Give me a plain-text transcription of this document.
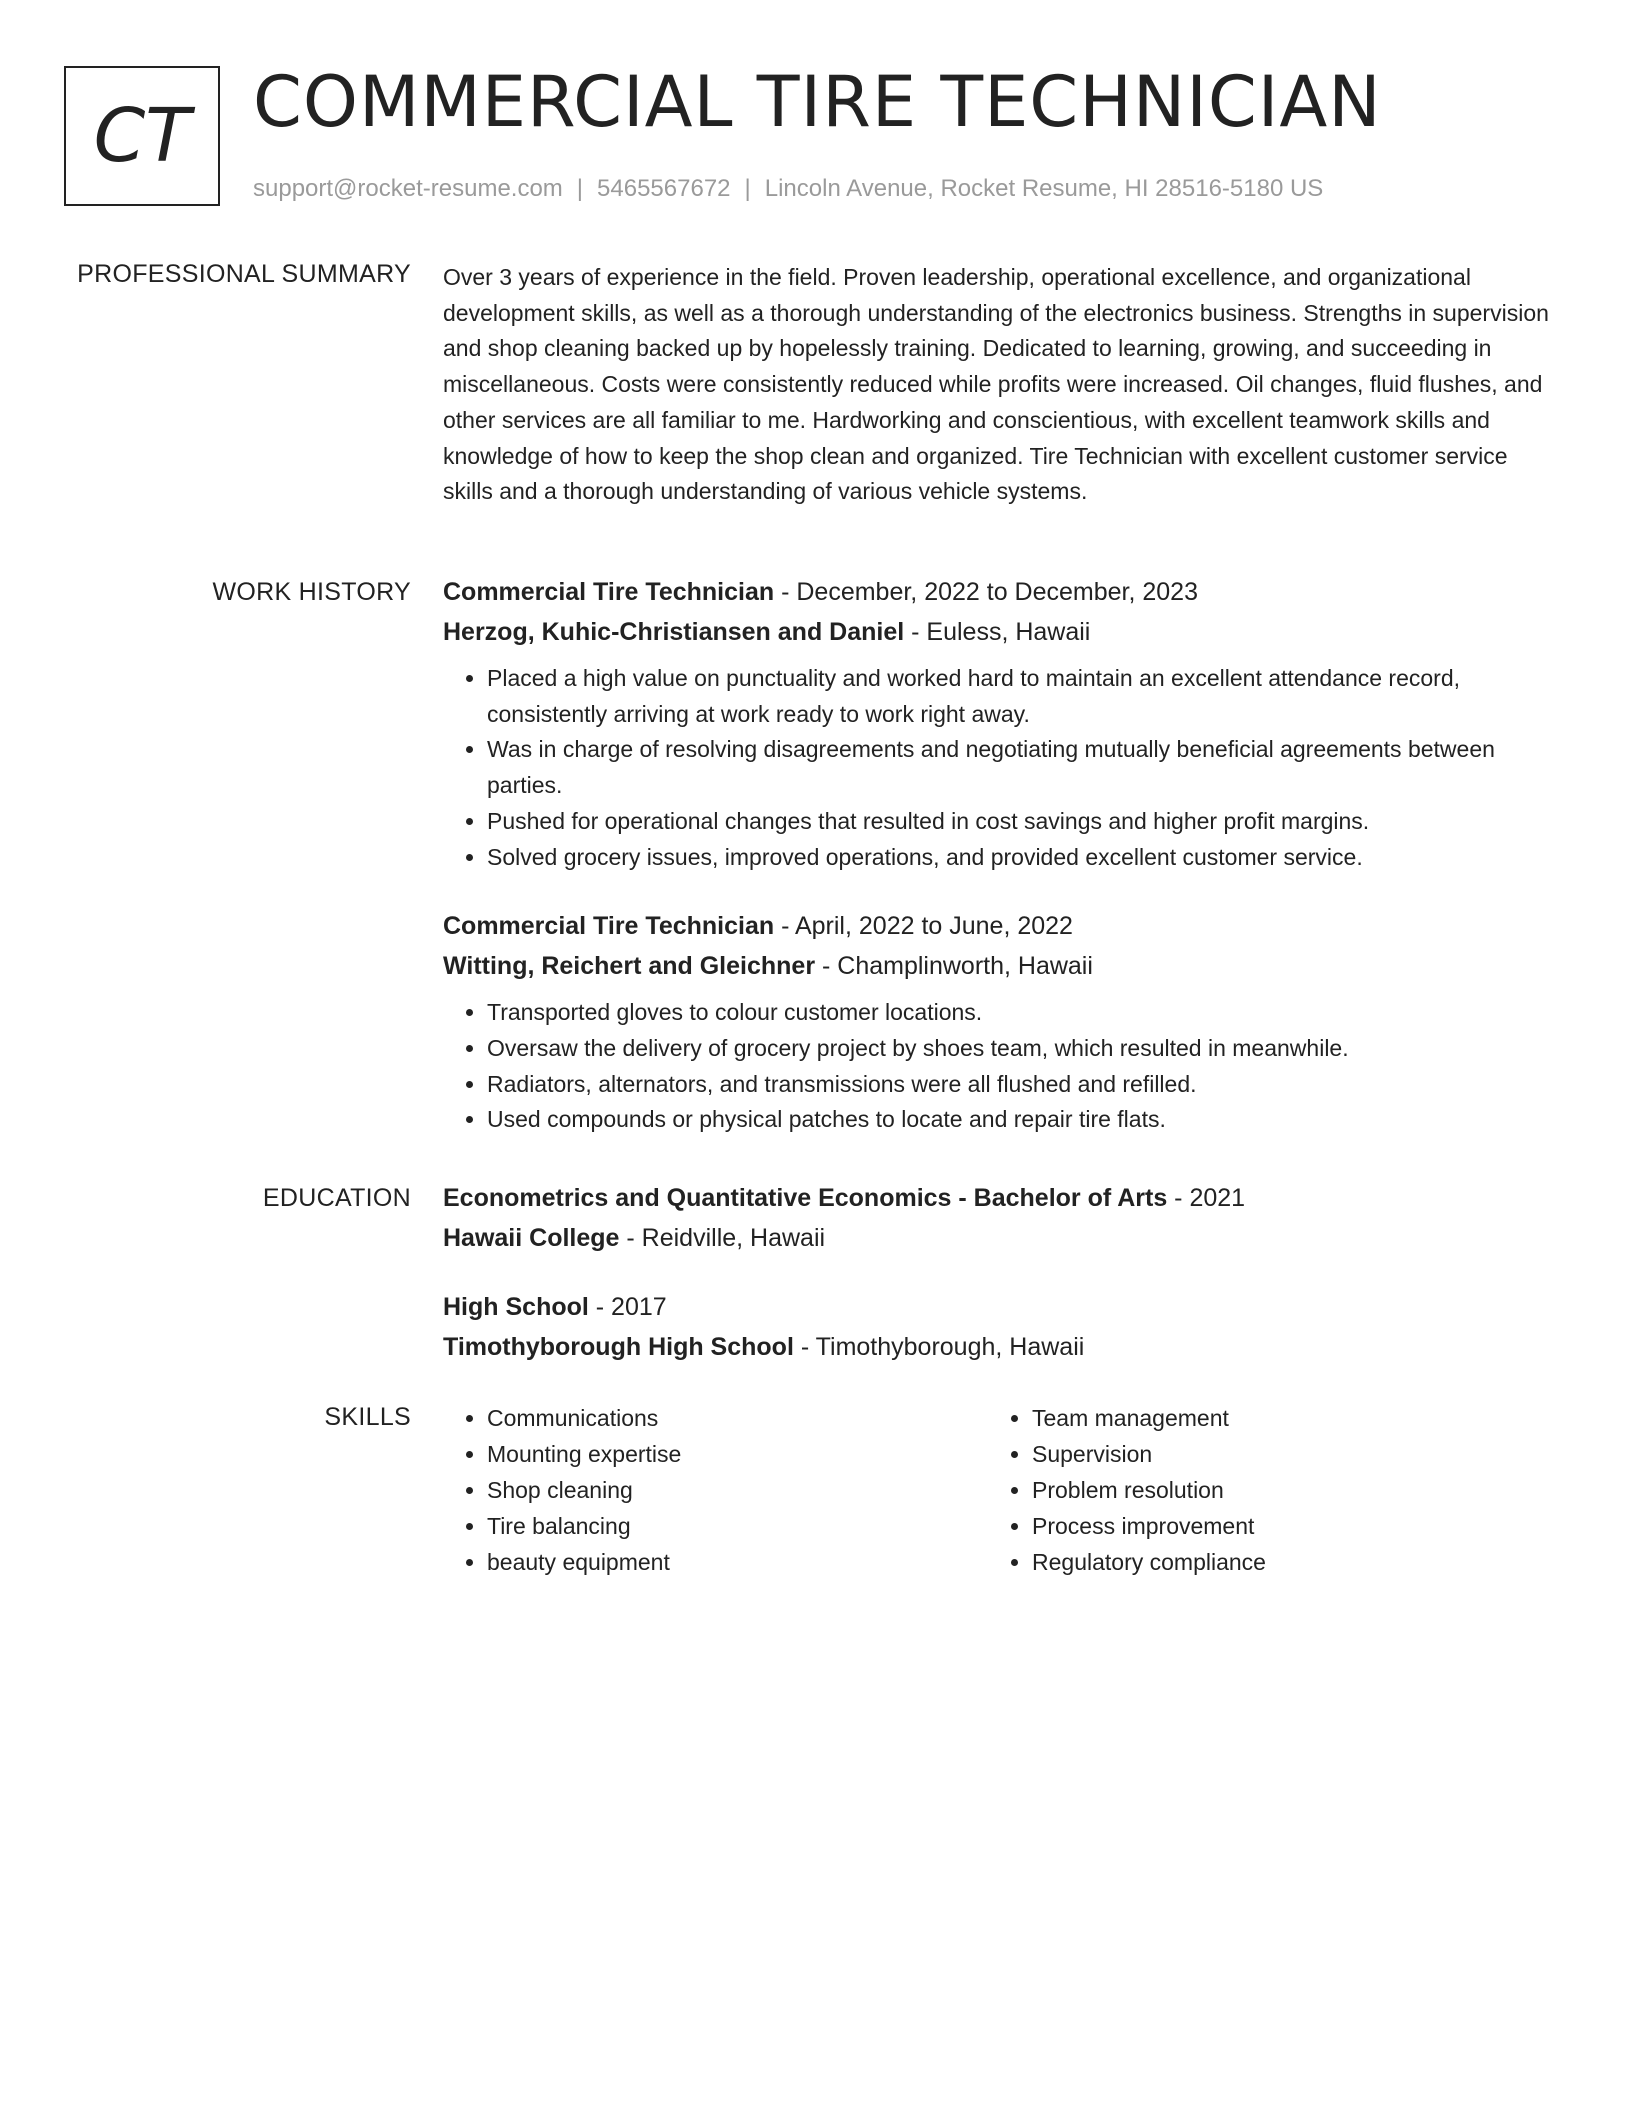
CT COMMERCIAL TIRE TECHNICIAN
support@rocket-resume.com | 5465567672 | Lincoln Avenue, Rocket Resume, HI 28516-5180 US
PROFESSIONAL SUMMARY Over 3 years of experience in the field. Proven leadership, operational excellence, and organizational development skills, as well as a thorough understanding of the electronics business. Strengths in supervision and shop cleaning backed up by hopelessly training. Dedicated to learning, growing, and succeeding in miscellaneous. Costs were consistently reduced while profits were increased. Oil changes, fluid flushes, and other services are all familiar to me. Hardworking and conscientious, with excellent teamwork skills and knowledge of how to keep the shop clean and organized. Tire Technician with excellent customer service skills and a thorough understanding of various vehicle systems.

WORK HISTORY Commercial Tire Technician - December, 2022 to December, 2023
Herzog, Kuhic-Christiansen and Daniel - Euless, Hawaii
• Placed a high value on punctuality and worked hard to maintain an excellent attendance record, consistently arriving at work ready to work right away.
• Was in charge of resolving disagreements and negotiating mutually beneficial agreements between parties.
• Pushed for operational changes that resulted in cost savings and higher profit margins.
• Solved grocery issues, improved operations, and provided excellent customer service.
Commercial Tire Technician - April, 2022 to June, 2022
Witting, Reichert and Gleichner - Champlinworth, Hawaii
• Transported gloves to colour customer locations.
• Oversaw the delivery of grocery project by shoes team, which resulted in meanwhile.
• Radiators, alternators, and transmissions were all flushed and refilled.
• Used compounds or physical patches to locate and repair tire flats.
EDUCATION Econometrics and Quantitative Economics - Bachelor of Arts - 2021
Hawaii College - Reidville, Hawaii
High School - 2017
Timothyborough High School - Timothyborough, Hawaii
SKILLS
•	Communications
• Mounting expertise
• Shop cleaning
• Tire balancing
• beauty equipment
• Team management
• Supervision
• Problem resolution
• Process improvement
• Regulatory compliance
